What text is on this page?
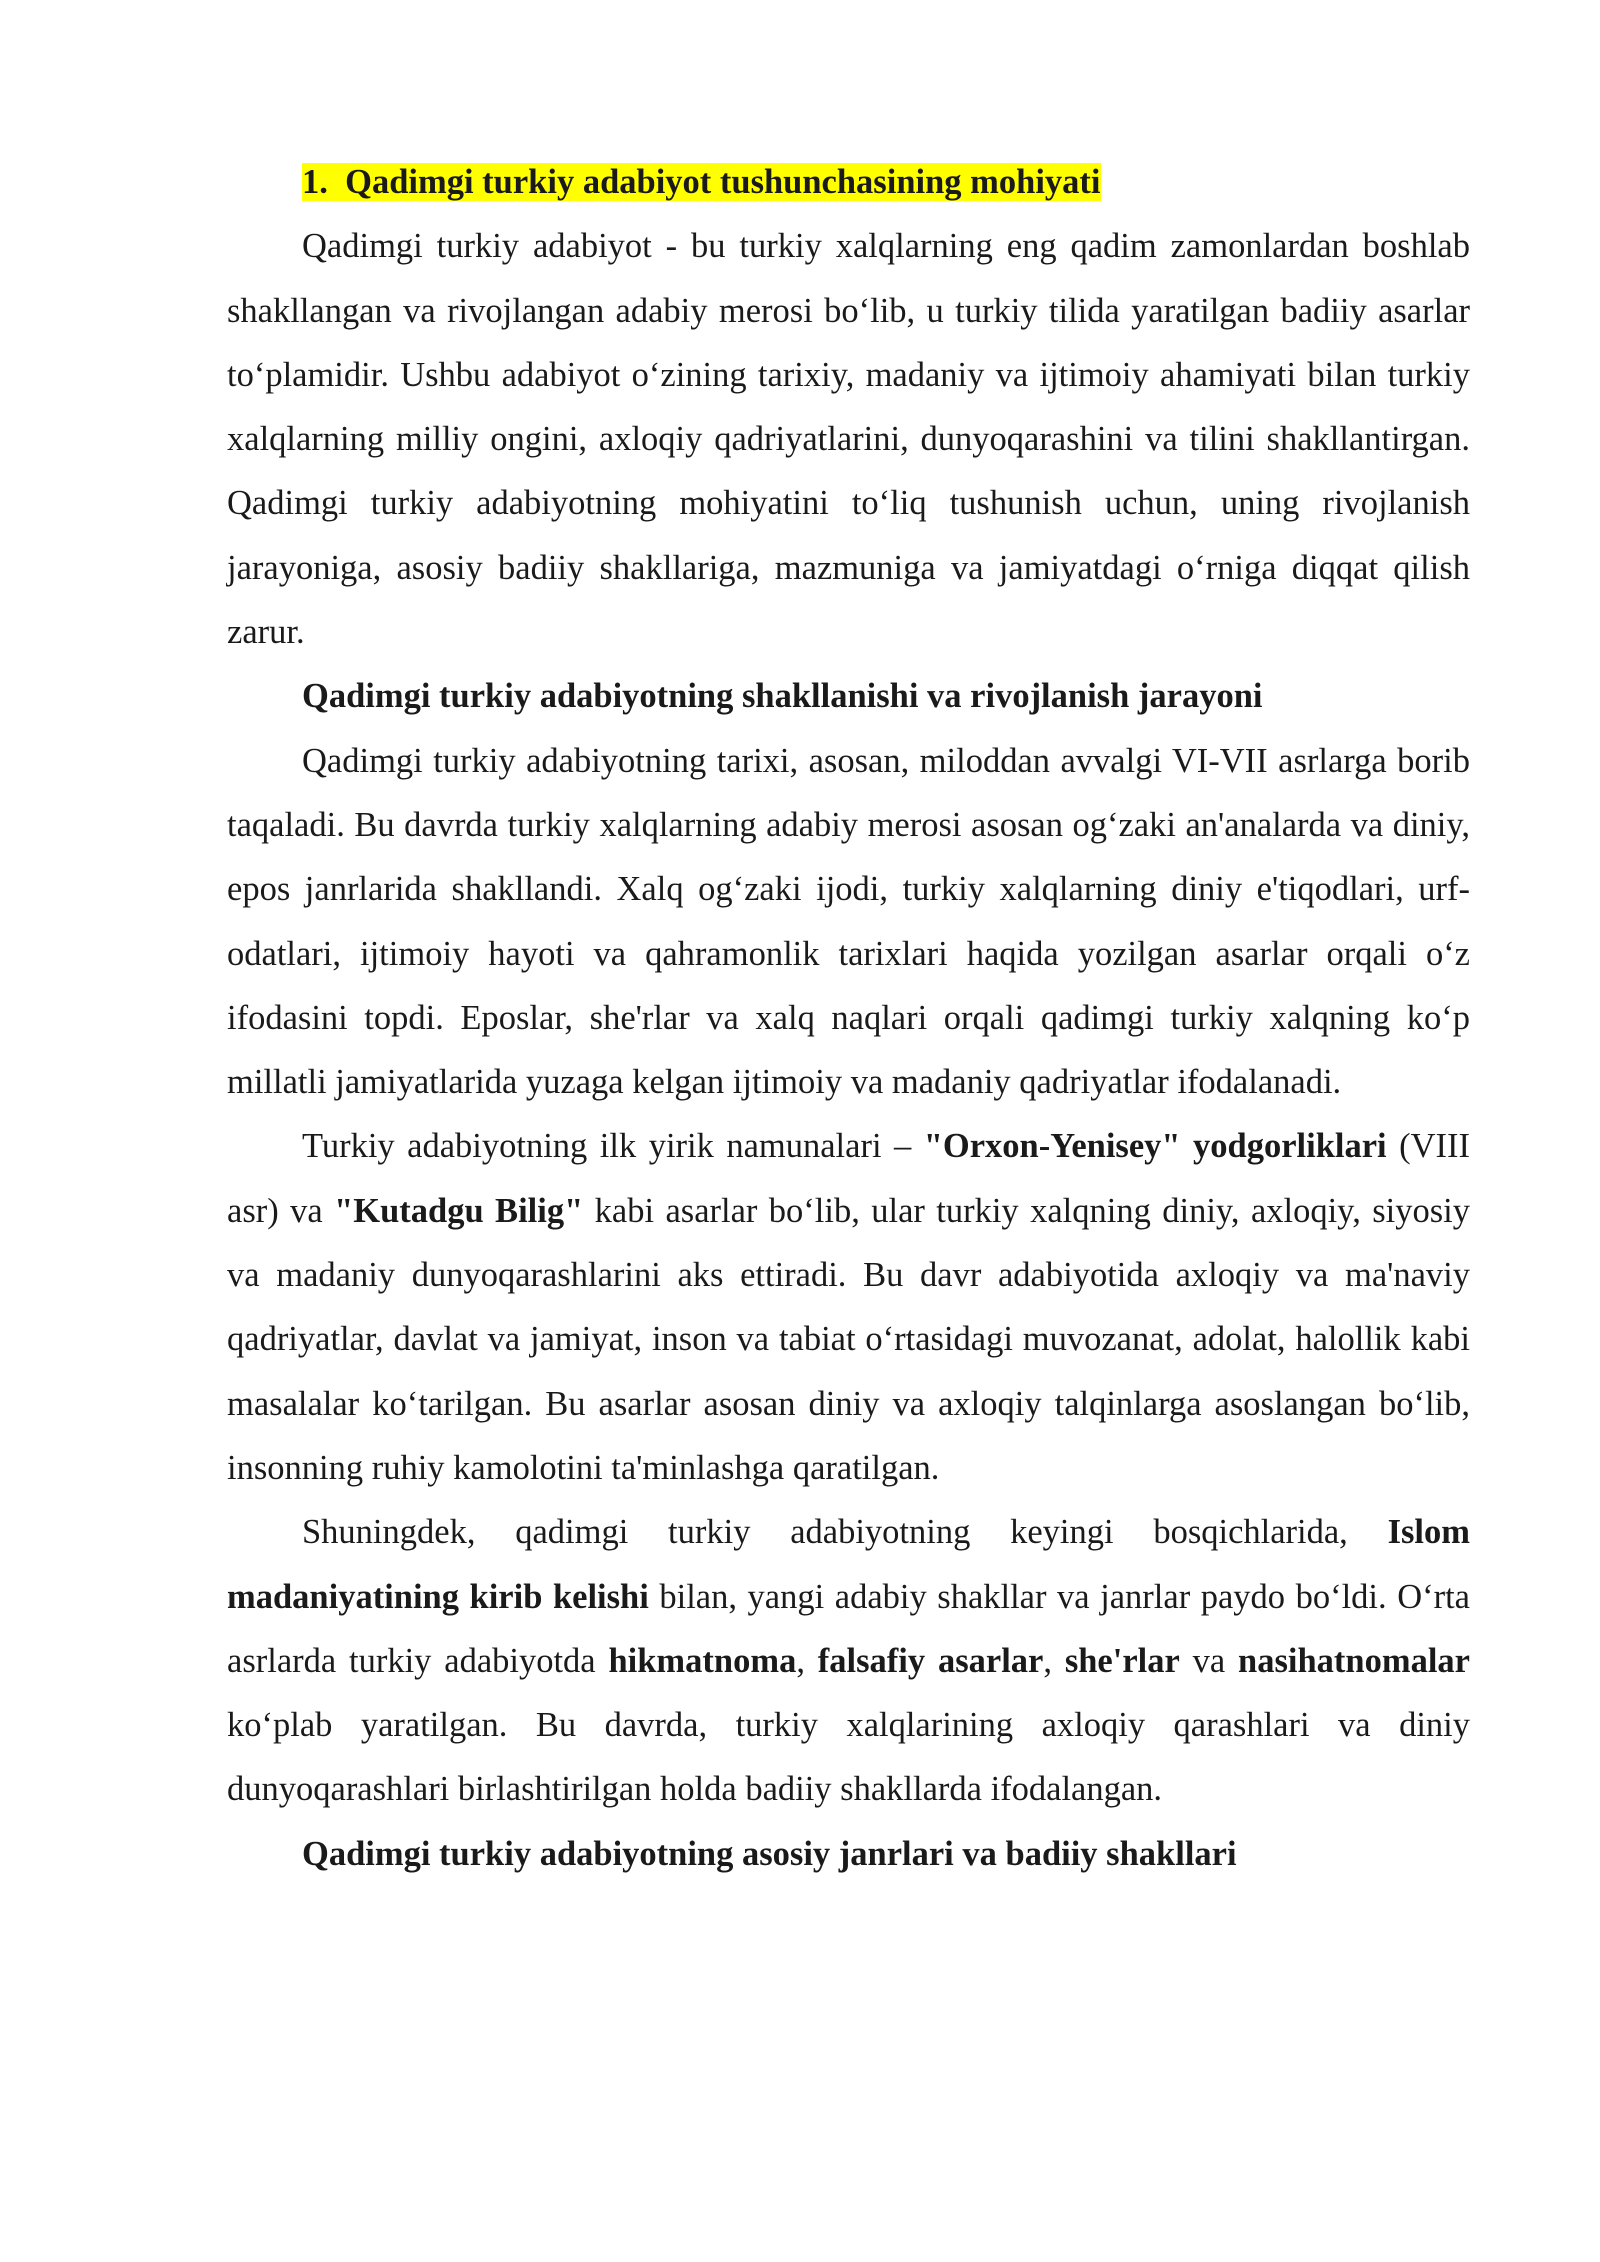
1. Qadimgi turkiy adabiyot tushunchasining mohiyati

Qadimgi turkiy adabiyot - bu turkiy xalqlarning eng qadim zamonlardan boshlab shakllangan va rivojlangan adabiy merosi bo‘lib, u turkiy tilida yaratilgan badiiy asarlar to‘plamidir. Ushbu adabiyot o‘zining tarixiy, madaniy va ijtimoiy ahamiyati bilan turkiy xalqlarning milliy ongini, axloqiy qadriyatlarini, dunyoqarashini va tilini shakllantirgan. Qadimgi turkiy adabiyotning mohiyatini to‘liq tushunish uchun, uning rivojlanish jarayoniga, asosiy badiiy shakllariga, mazmuniga va jamiyatdagi o‘rniga diqqat qilish zarur.

Qadimgi turkiy adabiyotning shakllanishi va rivojlanish jarayoni

Qadimgi turkiy adabiyotning tarixi, asosan, miloddan avvalgi VI-VII asrlarga borib taqaladi. Bu davrda turkiy xalqlarning adabiy merosi asosan og‘zaki an'analarda va diniy, epos janrlarida shakllandi. Xalq og‘zaki ijodi, turkiy xalqlarning diniy e'tiqodlari, urf-odatlari, ijtimoiy hayoti va qahramonlik tarixlari haqida yozilgan asarlar orqali o‘z ifodasini topdi. Eposlar, she'rlar va xalq naqlari orqali qadimgi turkiy xalqning ko‘p millatli jamiyatlarida yuzaga kelgan ijtimoiy va madaniy qadriyatlar ifodalanadi.

Turkiy adabiyotning ilk yirik namunalari – "Orxon-Yenisey" yodgorliklari (VIII asr) va "Kutadgu Bilig" kabi asarlar bo‘lib, ular turkiy xalqning diniy, axloqiy, siyosiy va madaniy dunyoqarashlarini aks ettiradi. Bu davr adabiyotida axloqiy va ma'naviy qadriyatlar, davlat va jamiyat, inson va tabiat o‘rtasidagi muvozanat, adolat, halollik kabi masalalar ko‘tarilgan. Bu asarlar asosan diniy va axloqiy talqinlarga asoslangan bo‘lib, insonning ruhiy kamolotini ta'minlashga qaratilgan.

Shuningdek, qadimgi turkiy adabiyotning keyingi bosqichlarida, Islom madaniyatining kirib kelishi bilan, yangi adabiy shakllar va janrlar paydo bo‘ldi. O‘rta asrlarda turkiy adabiyotda hikmatnoma, falsafiy asarlar, she'rlar va nasihatnomalar ko‘plab yaratilgan. Bu davrda, turkiy xalqlarining axloqiy qarashlari va diniy dunyoqarashlari birlashtirilgan holda badiiy shakllarda ifodalangan.

Qadimgi turkiy adabiyotning asosiy janrlari va badiiy shakllari
